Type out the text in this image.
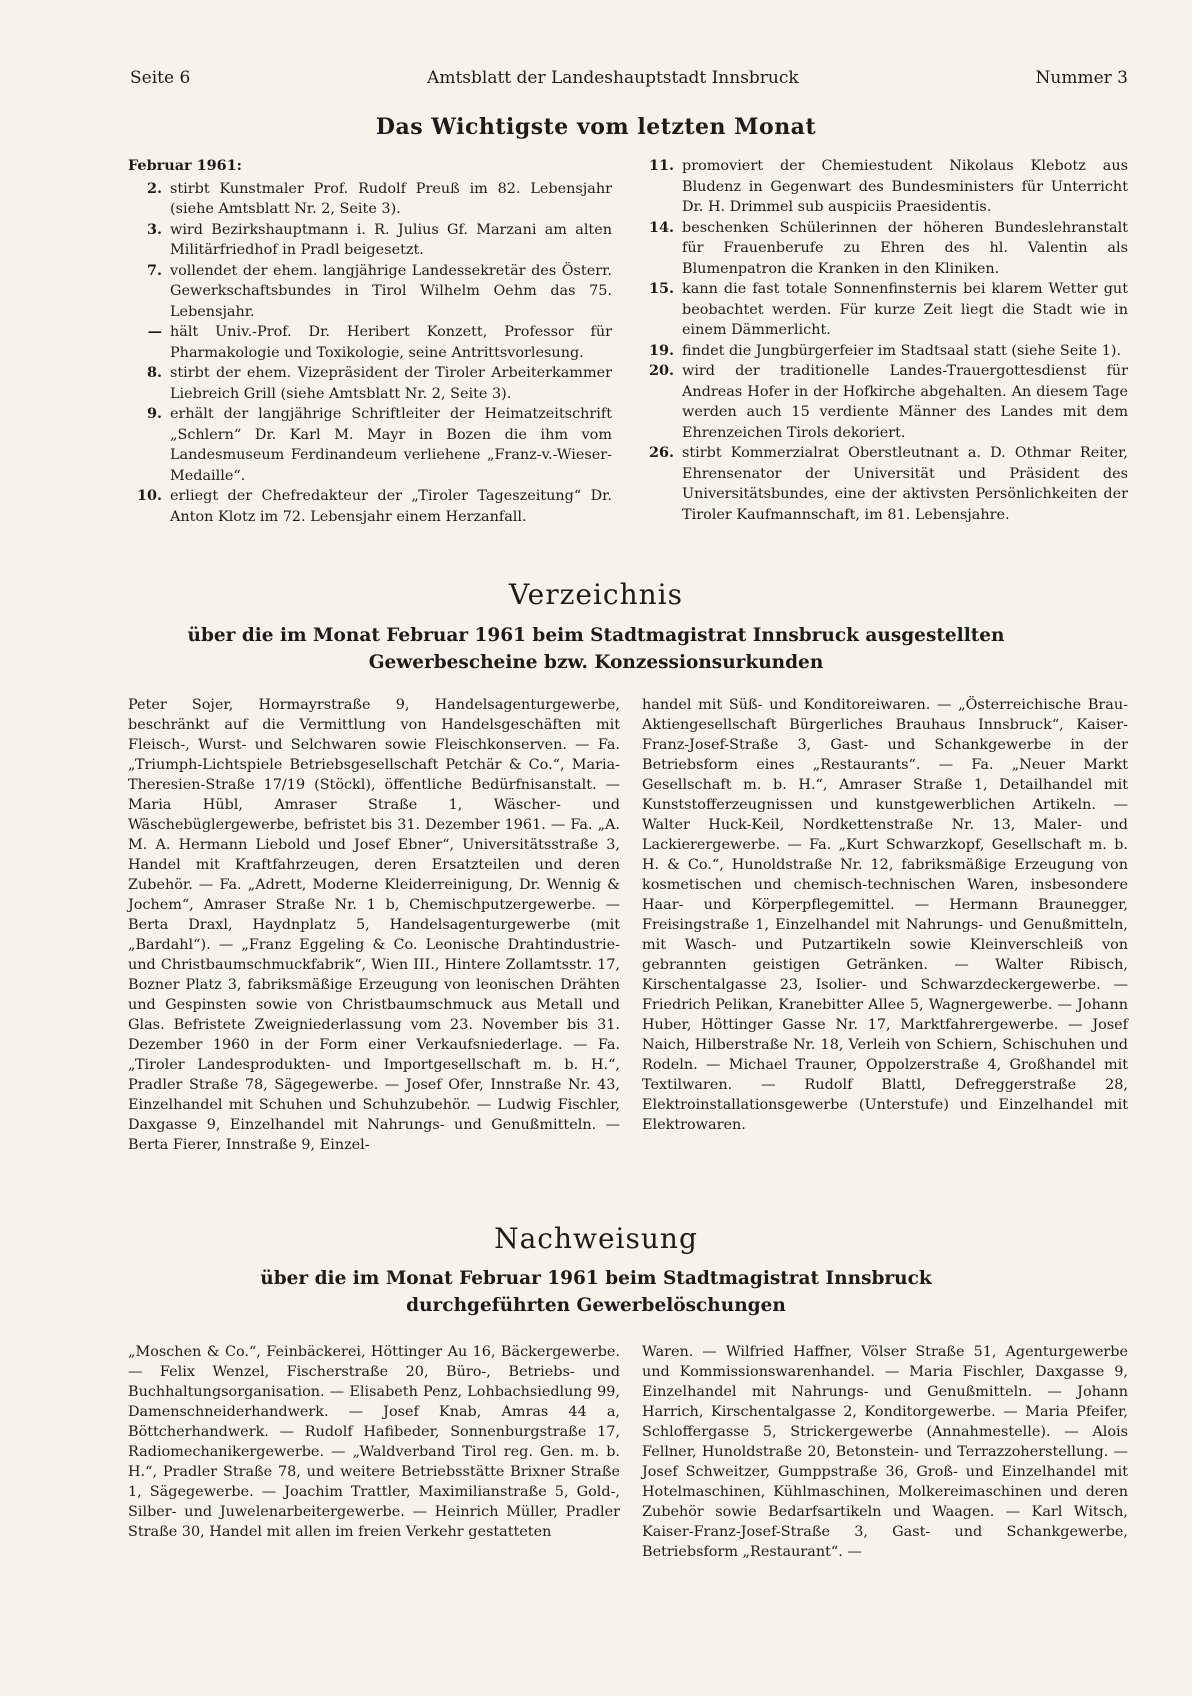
Seite 6	Amtsblatt der Landeshauptstadt Innsbruck	Nummer 3
Das Wichtigste vom letzten Monat
Februar 1961:
2. stirbt Kunstmaler Prof. Rudolf Preuß im 82. Lebensjahr (siehe Amtsblatt Nr. 2, Seite 3).
3. wird Bezirkshauptmann i. R. Julius Gf. Marzani am alten Militärfriedhof in Pradl beigesetzt.
7. vollendet der ehem. langjährige Landessekretär des Österr. Gewerkschaftsbundes in Tirol Wilhelm Oehm das 75. Lebensjahr.
— hält Univ.-Prof. Dr. Heribert Konzett, Professor für Pharmakologie und Toxikologie, seine Antrittsvorlesung.
8. stirbt der ehem. Vizepräsident der Tiroler Arbeiterkammer Liebreich Grill (siehe Amtsblatt Nr. 2, Seite 3).
9. erhält der langjährige Schriftleiter der Heimatzeitschrift „Schlern“ Dr. Karl M. Mayr in Bozen die ihm vom Landesmuseum Ferdinandeum verliehene „Franz-v.-Wieser-Medaille“.
10. erliegt der Chefredakteur der „Tiroler Tageszeitung“ Dr. Anton Klotz im 72. Lebensjahr einem Herzanfall.
11. promoviert der Chemiestudent Nikolaus Klebotz aus Bludenz in Gegenwart des Bundesministers für Unterricht Dr. H. Drimmel sub auspiciis Praesidentis.
14. beschenken Schülerinnen der höheren Bundeslehranstalt für Frauenberufe zu Ehren des hl. Valentin als Blumenpatron die Kranken in den Kliniken.
15. kann die fast totale Sonnenfinsternis bei klarem Wetter gut beobachtet werden. Für kurze Zeit liegt die Stadt wie in einem Dämmerlicht.
19. findet die Jungbürgerfeier im Stadtsaal statt (siehe Seite 1).
20. wird der traditionelle Landes-Trauergottesdienst für Andreas Hofer in der Hofkirche abgehalten. An diesem Tage werden auch 15 verdiente Männer des Landes mit dem Ehrenzeichen Tirols dekoriert.
26. stirbt Kommerzialrat Oberstleutnant a. D. Othmar Reiter, Ehrensenator der Universität und Präsident des Universitätsbundes, eine der aktivsten Persönlichkeiten der Tiroler Kaufmannschaft, im 81. Lebensjahre.
Verzeichnis
über die im Monat Februar 1961 beim Stadtmagistrat Innsbruck ausgestellten
Gewerbescheine bzw. Konzessionsurkunden
Peter Sojer, Hormayrstraße 9, Handelsagenturgewerbe, beschränkt auf die Vermittlung von Handelsgeschäften mit Fleisch-, Wurst- und Selchwaren sowie Fleischkonserven. — Fa. „Triumph-Lichtspiele Betriebsgesellschaft Petchär & Co.“, Maria-Theresien-Straße 17/19 (Stöckl), öffentliche Bedürfnisanstalt. — Maria Hübl, Amraser Straße 1, Wäscher- und Wäschebüglergewerbe, befristet bis 31. Dezember 1961. — Fa. „A. M. A. Hermann Liebold und Josef Ebner“, Universitätsstraße 3, Handel mit Kraftfahrzeugen, deren Ersatzteilen und deren Zubehör. — Fa. „Adrett, Moderne Kleiderreinigung, Dr. Wennig & Jochem“, Amraser Straße Nr. 1 b, Chemischputzergewerbe. — Berta Draxl, Haydnplatz 5, Handelsagenturgewerbe (mit „Bardahl“). — „Franz Eggeling & Co. Leonische Drahtindustrie- und Christbaumschmuckfabrik“, Wien III., Hintere Zollamtsstr. 17, Bozner Platz 3, fabriksmäßige Erzeugung von leonischen Drähten und Gespinsten sowie von Christbaumschmuck aus Metall und Glas. Befristete Zweigniederlassung vom 23. November bis 31. Dezember 1960 in der Form einer Verkaufsniederlage. — Fa. „Tiroler Landesprodukten- und Importgesellschaft m. b. H.“, Pradler Straße 78, Sägegewerbe. — Josef Ofer, Innstraße Nr. 43, Einzelhandel mit Schuhen und Schuhzubehör. — Ludwig Fischler, Daxgasse 9, Einzelhandel mit Nahrungs- und Genußmitteln. — Berta Fierer, Innstraße 9, Einzel-
handel mit Süß- und Konditoreiwaren. — „Österreichische Brau-Aktiengesellschaft Bürgerliches Brauhaus Innsbruck“, Kaiser-Franz-Josef-Straße 3, Gast- und Schankgewerbe in der Betriebsform eines „Restaurants“. — Fa. „Neuer Markt Gesellschaft m. b. H.“, Amraser Straße 1, Detailhandel mit Kunststofferzeugnissen und kunstgewerblichen Artikeln. — Walter Huck-Keil, Nordkettenstraße Nr. 13, Maler- und Lackierergewerbe. — Fa. „Kurt Schwarzkopf, Gesellschaft m. b. H. & Co.“, Hunoldstraße Nr. 12, fabriksmäßige Erzeugung von kosmetischen und chemisch-technischen Waren, insbesondere Haar- und Körperpflegemittel. — Hermann Braunegger, Freisingstraße 1, Einzelhandel mit Nahrungs- und Genußmitteln, mit Wasch- und Putzartikeln sowie Kleinverschleiß von gebrannten geistigen Getränken. — Walter Ribisch, Kirschentalgasse 23, Isolier- und Schwarzdeckergewerbe. — Friedrich Pelikan, Kranebitter Allee 5, Wagnergewerbe. — Johann Huber, Höttinger Gasse Nr. 17, Marktfahrergewerbe. — Josef Naich, Hilberstraße Nr. 18, Verleih von Schiern, Schischuhen und Rodeln. — Michael Trauner, Oppolzerstraße 4, Großhandel mit Textilwaren. — Rudolf Blattl, Defreggerstraße 28, Elektroinstallationsgewerbe (Unterstufe) und Einzelhandel mit Elektrowaren.
Nachweisung
über die im Monat Februar 1961 beim Stadtmagistrat Innsbruck
durchgeführten Gewerbelöschungen
„Moschen & Co.“, Feinbäckerei, Höttinger Au 16, Bäckergewerbe. — Felix Wenzel, Fischerstraße 20, Büro-, Betriebs- und Buchhaltungsorganisation. — Elisabeth Penz, Lohbachsiedlung 99, Damenschneiderhandwerk. — Josef Knab, Amras 44 a, Böttcherhandwerk. — Rudolf Hafibeder, Sonnenburgstraße 17, Radiomechanikergewerbe. — „Waldverband Tirol reg. Gen. m. b. H.“, Pradler Straße 78, und weitere Betriebsstätte Brixner Straße 1, Sägegewerbe. — Joachim Trattler, Maximilianstraße 5, Gold-, Silber- und Juwelenarbeitergewerbe. — Heinrich Müller, Pradler Straße 30, Handel mit allen im freien Verkehr gestatteten
Waren. — Wilfried Haffner, Völser Straße 51, Agenturgewerbe und Kommissionswarenhandel. — Maria Fischler, Daxgasse 9, Einzelhandel mit Nahrungs- und Genußmitteln. — Johann Harrich, Kirschentalgasse 2, Konditorgewerbe. — Maria Pfeifer, Schloffergasse 5, Strickergewerbe (Annahmestelle). — Alois Fellner, Hunoldstraße 20, Betonstein- und Terrazzoherstellung. — Josef Schweitzer, Gumppstraße 36, Groß- und Einzelhandel mit Hotelmaschinen, Kühlmaschinen, Molkereimaschinen und deren Zubehör sowie Bedarfsartikeln und Waagen. — Karl Witsch, Kaiser-Franz-Josef-Straße 3, Gast- und Schankgewerbe, Betriebsform „Restaurant“. —
